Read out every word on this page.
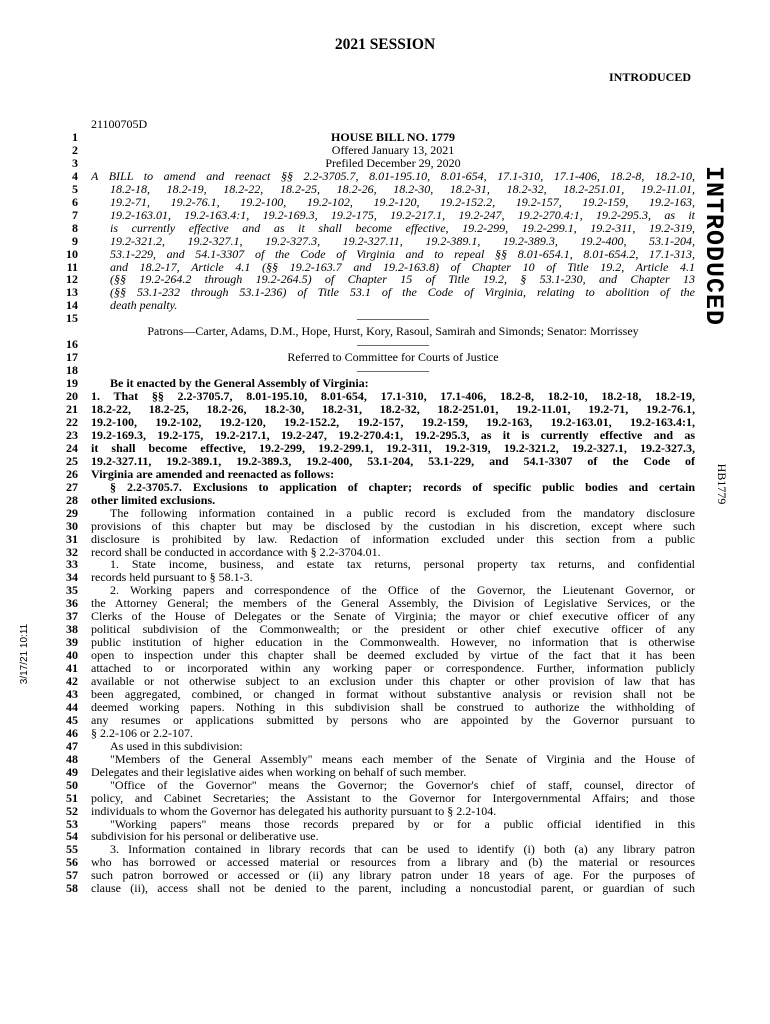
2021 SESSION
INTRODUCED
21100705D
INTRODUCED
HB1779
3/17/21 10:11
1	HOUSE BILL NO. 1779
2	Offered January 13, 2021
3	Prefiled December 29, 2020
4 A BILL to amend and reenact §§ 2.2-3705.7, 8.01-195.10, 8.01-654, 17.1-310, 17.1-406, 18.2-8, 18.2-10,
5	18.2-18, 18.2-19, 18.2-22, 18.2-25, 18.2-26, 18.2-30, 18.2-31, 18.2-32, 18.2-251.01, 19.2-11.01,
6	19.2-71, 19.2-76.1, 19.2-100, 19.2-102, 19.2-120, 19.2-152.2, 19.2-157, 19.2-159, 19.2-163,
7	19.2-163.01, 19.2-163.4:1, 19.2-169.3, 19.2-175, 19.2-217.1, 19.2-247, 19.2-270.4:1, 19.2-295.3, as it
8	is currently effective and as it shall become effective, 19.2-299, 19.2-299.1, 19.2-311, 19.2-319,
9	19.2-321.2, 19.2-327.1, 19.2-327.3, 19.2-327.11, 19.2-389.1, 19.2-389.3, 19.2-400, 53.1-204,
10	53.1-229, and 54.1-3307 of the Code of Virginia and to repeal §§ 8.01-654.1, 8.01-654.2, 17.1-313,
11	and 18.2-17, Article 4.1 (§§ 19.2-163.7 and 19.2-163.8) of Chapter 10 of Title 19.2, Article 4.1
12	(§§ 19.2-264.2 through 19.2-264.5) of Chapter 15 of Title 19.2, § 53.1-230, and Chapter 13
13	(§§ 53.1-232 through 53.1-236) of Title 53.1 of the Code of Virginia, relating to abolition of the
14	death penalty.
15	——————
Patrons—Carter, Adams, D.M., Hope, Hurst, Kory, Rasoul, Samirah and Simonds; Senator: Morrissey
16	——————
17	Referred to Committee for Courts of Justice
18	——————
19	Be it enacted by the General Assembly of Virginia:
20 1. That §§ 2.2-3705.7, 8.01-195.10, 8.01-654, 17.1-310, 17.1-406, 18.2-8, 18.2-10, 18.2-18, 18.2-19,
21 18.2-22, 18.2-25, 18.2-26, 18.2-30, 18.2-31, 18.2-32, 18.2-251.01, 19.2-11.01, 19.2-71, 19.2-76.1,
22 19.2-100, 19.2-102, 19.2-120, 19.2-152.2, 19.2-157, 19.2-159, 19.2-163, 19.2-163.01, 19.2-163.4:1,
23 19.2-169.3, 19.2-175, 19.2-217.1, 19.2-247, 19.2-270.4:1, 19.2-295.3, as it is currently effective and as
24 it shall become effective, 19.2-299, 19.2-299.1, 19.2-311, 19.2-319, 19.2-321.2, 19.2-327.1, 19.2-327.3,
25 19.2-327.11, 19.2-389.1, 19.2-389.3, 19.2-400, 53.1-204, 53.1-229, and 54.1-3307 of the Code of
26 Virginia are amended and reenacted as follows:
27	§ 2.2-3705.7. Exclusions to application of chapter; records of specific public bodies and certain
28 other limited exclusions.
29	The following information contained in a public record is excluded from the mandatory disclosure
30 provisions of this chapter but may be disclosed by the custodian in his discretion, except where such
31 disclosure is prohibited by law. Redaction of information excluded under this section from a public
32 record shall be conducted in accordance with § 2.2-3704.01.
33	1. State income, business, and estate tax returns, personal property tax returns, and confidential
34 records held pursuant to § 58.1-3.
35	2. Working papers and correspondence of the Office of the Governor, the Lieutenant Governor, or
36 the Attorney General; the members of the General Assembly, the Division of Legislative Services, or the
37 Clerks of the House of Delegates or the Senate of Virginia; the mayor or chief executive officer of any
38 political subdivision of the Commonwealth; or the president or other chief executive officer of any
39 public institution of higher education in the Commonwealth. However, no information that is otherwise
40 open to inspection under this chapter shall be deemed excluded by virtue of the fact that it has been
41 attached to or incorporated within any working paper or correspondence. Further, information publicly
42 available or not otherwise subject to an exclusion under this chapter or other provision of law that has
43 been aggregated, combined, or changed in format without substantive analysis or revision shall not be
44 deemed working papers. Nothing in this subdivision shall be construed to authorize the withholding of
45 any resumes or applications submitted by persons who are appointed by the Governor pursuant to
46 § 2.2-106 or 2.2-107.
47	As used in this subdivision:
48	"Members of the General Assembly" means each member of the Senate of Virginia and the House of
49 Delegates and their legislative aides when working on behalf of such member.
50	"Office of the Governor" means the Governor; the Governor's chief of staff, counsel, director of
51 policy, and Cabinet Secretaries; the Assistant to the Governor for Intergovernmental Affairs; and those
52 individuals to whom the Governor has delegated his authority pursuant to § 2.2-104.
53	"Working papers" means those records prepared by or for a public official identified in this
54 subdivision for his personal or deliberative use.
55	3. Information contained in library records that can be used to identify (i) both (a) any library patron
56 who has borrowed or accessed material or resources from a library and (b) the material or resources
57 such patron borrowed or accessed or (ii) any library patron under 18 years of age. For the purposes of
58 clause (ii), access shall not be denied to the parent, including a noncustodial parent, or guardian of such
